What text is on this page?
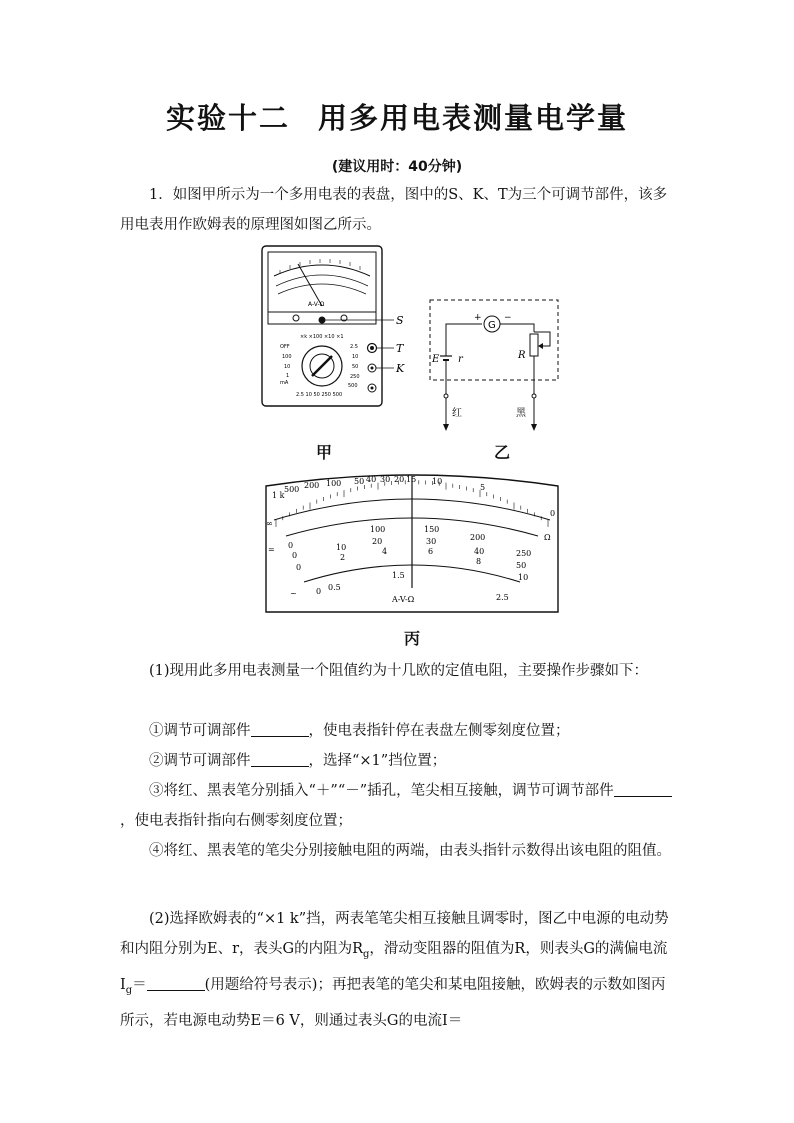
实验十二 用多用电表测量电学量
(建议用时：40分钟)
1．如图甲所示为一个多用电表的表盘，图中的S、K、T为三个可调节部件，该多用电表用作欧姆表的原理图如图乙所示。
A-V-Ω
S
×k ×100 ×10 ×1
OFF
100
10
1
mA
2.5
10
50
250
500
2.5 10 50 250 500
T
K
甲
G
+ −
E r	R
红	黑
乙
∞
1 k
500 200 100 50 40 30 20 15 10
5
0
Ω
= 0
100	150
200
250
0
10
20	30
40
50
0
2
4	6
8
10
~ 0 0.5
1.5
2.5
A-V-Ω
丙
(1)现用此多用电表测量一个阻值约为十几欧的定值电阻，主要操作步骤如下：
①调节可调部件	，使电表指针停在表盘左侧零刻度位置；
②调节可调部件	，选择“×1”挡位置；
③将红、黑表笔分别插入“＋”“－”插孔，笔尖相互接触，调节可调节部件，使电表指针指向右侧零刻度位置；
④将红、黑表笔的笔尖分别接触电阻的两端，由表头指针示数得出该电阻的阻值。
(2)选择欧姆表的“×1 k”挡，两表笔笔尖相互接触且调零时，图乙中电源的电动势和内阻分别为E、r，表头G的内阻为$R_g$，滑动变阻器的阻值为R，则表头G的满偏电流$I_g=$	(用题给符号表示)；再把表笔的笔尖和某电阻接触，欧姆表的示数如图丙所示，若电源电动势E＝6 V，则通过表头G的电流I＝
